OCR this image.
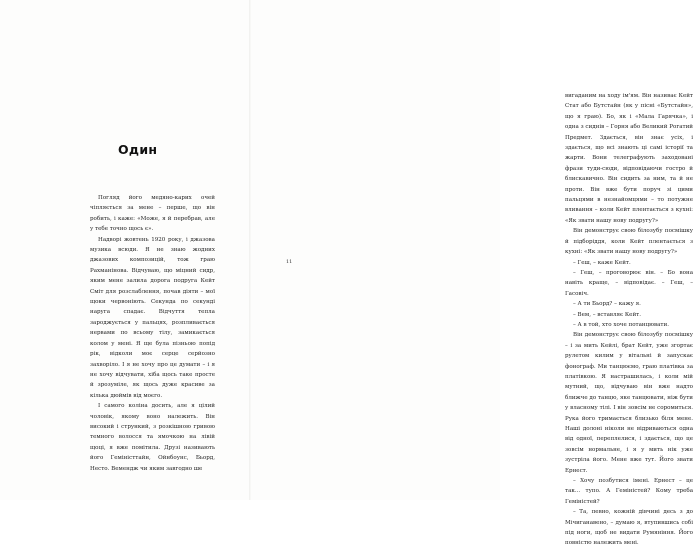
Один

Погляд його медяно-карих очей чіпляється за мене – перше, що він робить, і кажe: «Може, я й перебрав, але у тебе точно щось є».

Надворі жовтень 1920 року, і джазова музика всюди. Я не знаю жодних джазових композицій, тож граю Рахманінова. Відчуваю, що міцний сидр, яким мене залила дорога подруга Кейт Сміт для розслаблення, почав діяти – мої щоки червоніють. Секунда по секунді наруга спадає. Відчуття тепла зароджується у пальцях, розпливається нервами по всьому тілу, замикається колом у мені. Я ще була пізньою попід рік, відколи моє серце серйозно захворіло. І я не хочу про це думати – і я не хочу відчувати, хіба щось таке просте й зрозуміле, як щось дуже красиве за кілька дюймів від моєго.

І самого коліна досить, але я цілий чоловік, якому воно належить. Він високий і стрункий, з розкішною гривою темного волосся та ямочкою на лівій щоці, я вже помітила. Друзі називають його Геміністтайн, Ойнбоунс, Бьорд, Несто. Вемендж чи яким завгодно ше

вигаданим на ходу ім'ям. Він називає Кейт Стат або Бутстайн (як у пісні «Бутстайн», що я граю). Бо, як і «Мала Гарячка», і одна з сиднів – Горня або Великий Рогатий Предмет. Здається, він знає усіх, і здається, що всі знають ці самі історії та жарти. Вони телеграфують заходовані фрази туди-сюди, відповідаючи гостро й блискавично. Він сидить за ним, та й не проти. Він вже бути поруч зі цими пальцями в незнайомцями – то потужне вливання – коли Кейт плентається з кухні: «Як звати нашу нову подругу?»

Він демонструє свою білозубу посмішку й підборіддя, коли Кейт плентається з кухні: «Як звати нашу нову подругу?»

– Геш, – каже Кейт.

– Геш, – проговорює він. – Бо вона навіть краще, – відповідає. – Геш, – Гасовіч.

– А ти Бьорд? – кажу я.

– Вем, – вставляє Кейт.

– А в той, хто хоче потанцювати.

Він демонструє свою білозубу посмішку – і за мить Кейлі, брат Кейт, уже згортає рулетом килим у вітальні й запускає фонограф. Ми танцюємо, граю платівка за платівкою. Я настрашилась, і коли мій мутний, що, відчуваю він вже надто ближче до танцю, яке танцювати, ніж бути у власному тілі. І він зовсім не соромиться. Рука його тримається близько біля мене. Наші долоні ніколи не відриваються одна від одної, переплелися, і здається, що це зовсім нормальне, і я у мить нік уже зустріла його. Мене вже тут. Його звати Ернест.

– Хочу позбутися імені. Ернест – це так... тупо. А Геміністей? Кому треба Геміністей?

– Та, певно, кожній дівчині десь з до Мічиганавено, – думаю я, втупившись собі під ноги, щоб не видати Румяніння. Його повністю належить мені.

11
